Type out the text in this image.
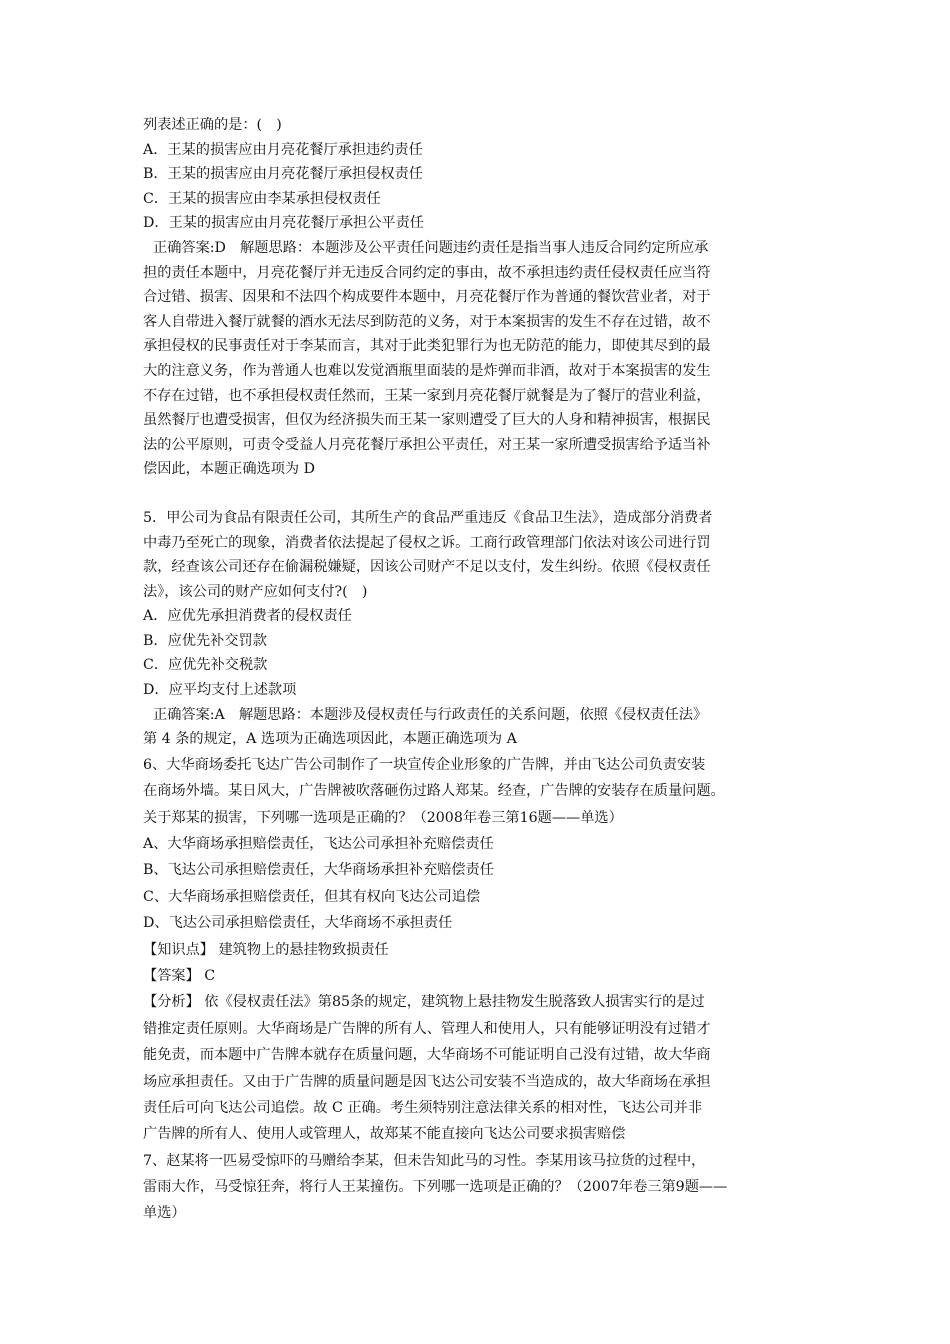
列表述正确的是：(　)
A．王某的损害应由月亮花餐厅承担违约责任
B．王某的损害应由月亮花餐厅承担侵权责任
C．王某的损害应由李某承担侵权责任
D．王某的损害应由月亮花餐厅承担公平责任
正确答案:D　解题思路：本题涉及公平责任问题违约责任是指当事人违反合同约定所应承
担的责任本题中，月亮花餐厅并无违反合同约定的事由，故不承担违约责任侵权责任应当符
合过错、损害、因果和不法四个构成要件本题中，月亮花餐厅作为普通的餐饮营业者，对于
客人自带进入餐厅就餐的酒水无法尽到防范的义务，对于本案损害的发生不存在过错，故不
承担侵权的民事责任对于李某而言，其对于此类犯罪行为也无防范的能力，即使其尽到的最
大的注意义务，作为普通人也难以发觉酒瓶里面装的是炸弹而非酒，故对于本案损害的发生
不存在过错，也不承担侵权责任然而，王某一家到月亮花餐厅就餐是为了餐厅的营业利益，
虽然餐厅也遭受损害，但仅为经济损失而王某一家则遭受了巨大的人身和精神损害，根据民
法的公平原则，可责令受益人月亮花餐厅承担公平责任，对王某一家所遭受损害给予适当补
偿因此，本题正确选项为 D
5．甲公司为食品有限责任公司，其所生产的食品严重违反《食品卫生法》，造成部分消费者
中毒乃至死亡的现象，消费者依法提起了侵权之诉。工商行政管理部门依法对该公司进行罚
款，经查该公司还存在偷漏税嫌疑，因该公司财产不足以支付，发生纠纷。依照《侵权责任
法》，该公司的财产应如何支付?(　)
A．应优先承担消费者的侵权责任
B．应优先补交罚款
C．应优先补交税款
D．应平均支付上述款项
正确答案:A　解题思路：本题涉及侵权责任与行政责任的关系问题，依照《侵权责任法》
第 4 条的规定，A 选项为正确选项因此，本题正确选项为 A
6、大华商场委托飞达广告公司制作了一块宣传企业形象的广告牌，并由飞达公司负责安装
在商场外墙。某日风大，广告牌被吹落砸伤过路人郑某。经查，广告牌的安装存在质量问题。
关于郑某的损害，下列哪一选项是正确的？（2008年卷三第16题——单选）
A、大华商场承担赔偿责任，飞达公司承担补充赔偿责任
B、飞达公司承担赔偿责任，大华商场承担补充赔偿责任
C、大华商场承担赔偿责任，但其有权向飞达公司追偿
D、飞达公司承担赔偿责任，大华商场不承担责任
【知识点】 建筑物上的悬挂物致损责任
【答案】 C
【分析】 依《侵权责任法》第85条的规定，建筑物上悬挂物发生脱落致人损害实行的是过
错推定责任原则。大华商场是广告牌的所有人、管理人和使用人，只有能够证明没有过错才
能免责，而本题中广告牌本就存在质量问题，大华商场不可能证明自己没有过错，故大华商
场应承担责任。又由于广告牌的质量问题是因飞达公司安装不当造成的，故大华商场在承担
责任后可向飞达公司追偿。故 C 正确。考生须特别注意法律关系的相对性，飞达公司并非
广告牌的所有人、使用人或管理人，故郑某不能直接向飞达公司要求损害赔偿
7、赵某将一匹易受惊吓的马赠给李某，但未告知此马的习性。李某用该马拉货的过程中，
雷雨大作，马受惊狂奔，将行人王某撞伤。下列哪一选项是正确的？（2007年卷三第9题——
单选）
